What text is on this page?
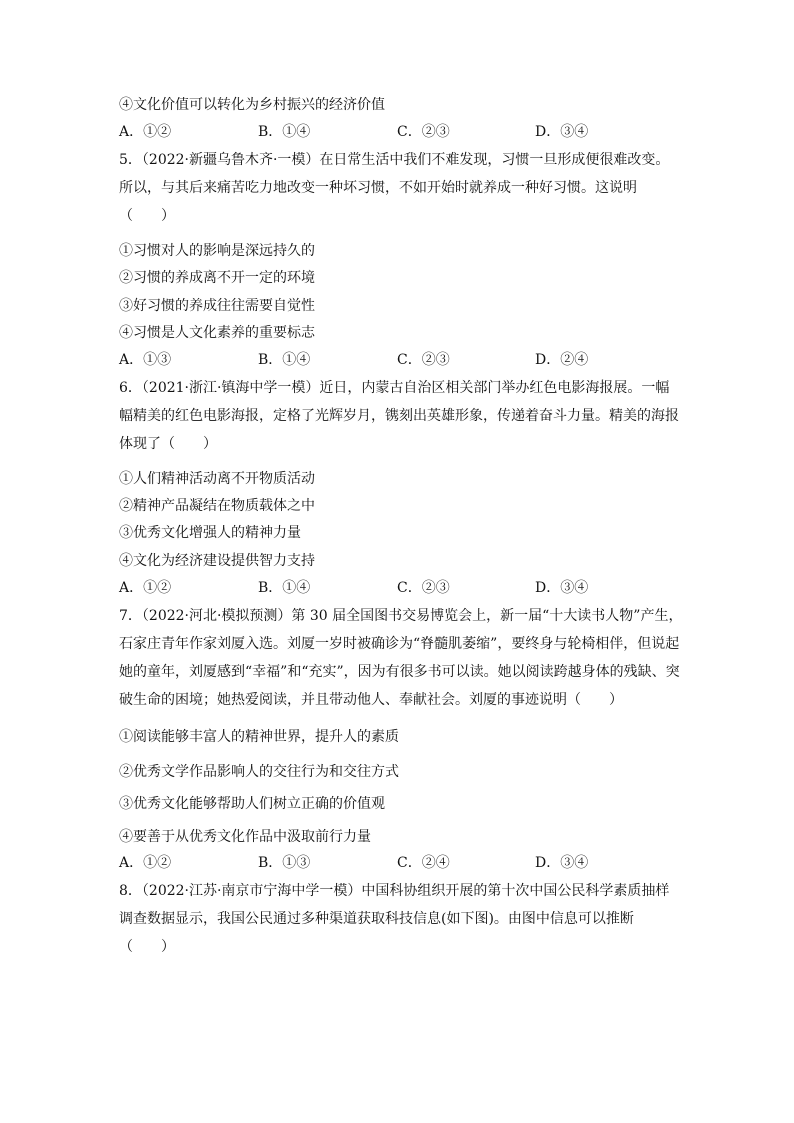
④文化价值可以转化为乡村振兴的经济价值
A．①②	B．①④	C．②③	D．③④
5．（2022·新疆乌鲁木齐·一模）在日常生活中我们不难发现，习惯一旦形成便很难改变。
所以，与其后来痛苦吃力地改变一种坏习惯，不如开始时就养成一种好习惯。这说明
（　　）
①习惯对人的影响是深远持久的
②习惯的养成离不开一定的环境
③好习惯的养成往往需要自觉性
④习惯是人文化素养的重要标志
A．①③	B．①④	C．②③	D．②④
6．（2021·浙江·镇海中学一模）近日，内蒙古自治区相关部门举办红色电影海报展。一幅
幅精美的红色电影海报，定格了光辉岁月，镌刻出英雄形象，传递着奋斗力量。精美的海报
体现了（　　）
①人们精神活动离不开物质活动
②精神产品凝结在物质载体之中
③优秀文化增强人的精神力量
④文化为经济建设提供智力支持
A．①②	B．①④	C．②③	D．③④
7．（2022·河北·模拟预测）第 30 届全国图书交易博览会上，新一届“十大读书人物”产生，
石家庄青年作家刘厦入选。刘厦一岁时被确诊为“脊髓肌萎缩”，要终身与轮椅相伴，但说起
她的童年，刘厦感到“幸福”和“充实”，因为有很多书可以读。她以阅读跨越身体的残缺、突
破生命的困境；她热爱阅读，并且带动他人、奉献社会。刘厦的事迹说明（　　）
①阅读能够丰富人的精神世界，提升人的素质
②优秀文学作品影响人的交往行为和交往方式
③优秀文化能够帮助人们树立正确的价值观
④要善于从优秀文化作品中汲取前行力量
A．①②	B．①③	C．②④	D．③④
8．（2022·江苏·南京市宁海中学一模）中国科协组织开展的第十次中国公民科学素质抽样
调查数据显示，我国公民通过多种渠道获取科技信息(如下图)。由图中信息可以推断
（　　）
